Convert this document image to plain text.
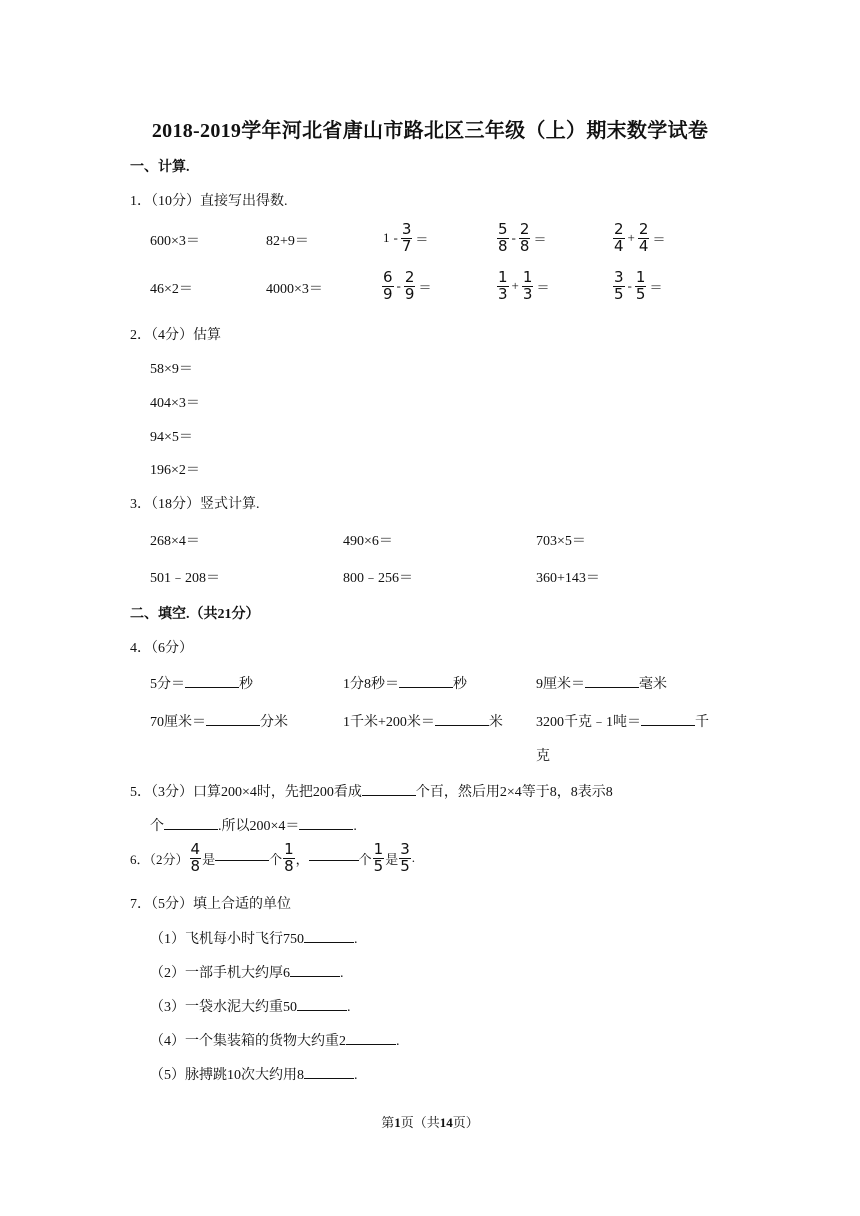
2018-2019学年河北省唐山市路北区三年级（上）期末数学试卷
一、计算.
1．（10分）直接写出得数.
600×3＝	82+9＝	$1 - \frac{3}{7}$ ＝	$\frac{5}{8} - \frac{2}{8}$ ＝	$\frac{2}{4} + \frac{2}{4}$ ＝
46×2＝	4000×3＝	$\frac{6}{9} - \frac{2}{9}$ ＝	$\frac{1}{3} + \frac{1}{3}$ ＝	$\frac{3}{5} - \frac{1}{5}$ ＝
2．（4分）估算
58×9＝
404×3＝
94×5＝
196×2＝
3．（18分）竖式计算.
268×4＝	490×6＝	703×5＝
501﹣208＝	800﹣256＝	360+143＝
二、填空.（共21分）
4．（6分）
5分＝	秒	1分8秒＝	秒	9厘米＝	毫米
70厘米＝	分米	1千米+200米＝	米 3200千克﹣1吨＝	千
克
5．（3分）口算200×4时，先把200看成	个百，然后用2×4等于8，8表示8
个	.所以200×4＝	.
6．（2分） $\frac{4}{8}$ 是	个 $\frac{1}{8}$ ，	个 $\frac{1}{5}$ 是 $\frac{3}{5}$ .
7．（5分）填上合适的单位
（1）飞机每小时飞行750	.
（2）一部手机大约厚6	.
（3）一袋水泥大约重50	.
（4）一个集装箱的货物大约重2	.
（5）脉搏跳10次大约用8	.
第1页（共14页）
